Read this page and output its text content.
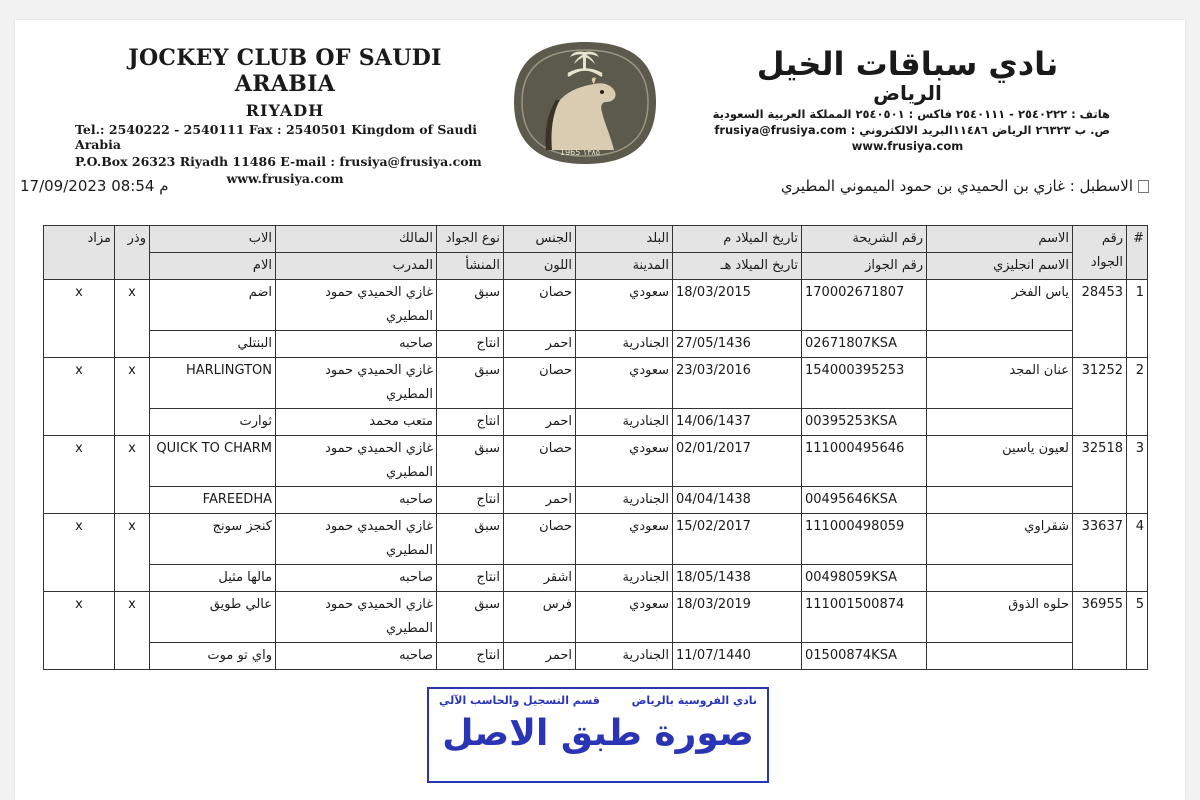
JOCKEY CLUB OF SAUDI ARABIA
RIYADH
Tel.: 2540222 - 2540111 Fax : 2540501 Kingdom of Saudi Arabia
P.O.Box 26323 Riyadh 11486 E-mail : frusiya@frusiya.com
www.frusiya.com
1965 ١٣٨٥
نادي سباقات الخيل
الرياض
هاتف : ٢٥٤٠٢٢٢ - ٢٥٤٠١١١ فاكس : ٢٥٤٠٥٠١ المملكة العربية السعودية
ص. ب ٢٦٣٢٣ الرياض ١١٤٨٦البريد الالكتروني : frusiya@frusiya.com
www.frusiya.com
17/09/2023 08:54 م	الاسطبل : غازي بن الحميدي بن حمود الميموني المطيري
#	رقم الجواد	الاسم	رقم الشريحة	تاريخ الميلاد م	البلد	الجنس	نوع الجواد	المالك	الاب	وذر	مزاد
		الاسم انجليزي	رقم الجواز	تاريخ الميلاد هـ	المدينة	اللون	المنشأ	المدرب	الام		
1	28453	ياس الفخر	170002671807	18/03/2015	سعودي	حصان	سبق	غازي الحميدي حمود المطيري	اضم	x	x
			02671807KSA	27/05/1436	الجنادرية	احمر	انتاج	صاحبه	البنتلي		
2	31252	عنان المجد	154000395253	23/03/2016	سعودي	حصان	سبق	غازي الحميدي حمود المطيري	HARLINGTON	x	x
			00395253KSA	14/06/1437	الجنادرية	احمر	انتاج	متعب محمد	ثوارت		
3	32518	لعيون ياسين	111000495646	02/01/2017	سعودي	حصان	سبق	غازي الحميدي حمود المطيري	QUICK TO CHARM	x	x
			00495646KSA	04/04/1438	الجنادرية	احمر	انتاج	صاحبه	FAREEDHA		
4	33637	شقراوي	111000498059	15/02/2017	سعودي	حصان	سبق	غازي الحميدي حمود المطيري	كنجز سونج	x	x
			00498059KSA	18/05/1438	الجنادرية	اشقر	انتاج	صاحبه	مالها مثيل		
5	36955	حلوه الذوق	111001500874	18/03/2019	سعودي	فرس	سبق	غازي الحميدي حمود المطيري	عالي طويق	x	x
			01500874KSA	11/07/1440	الجنادرية	احمر	انتاج	صاحبه	واي تو موت		
نادي الفروسية بالرياض
قسم التسجيل والحاسب الآلي
صورة طبق الاصل
